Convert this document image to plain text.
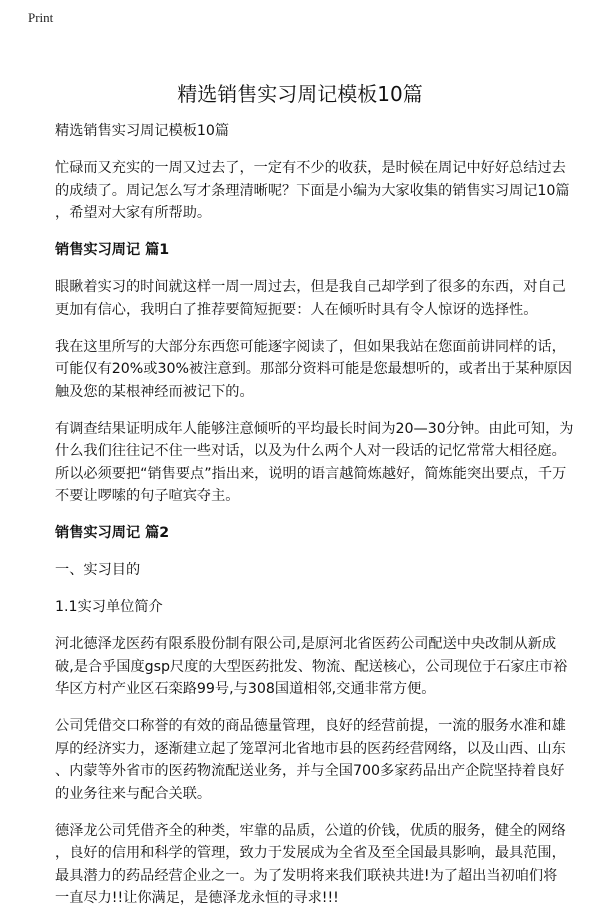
Print
精选销售实习周记模板10篇
精选销售实习周记模板10篇
忙碌而又充实的一周又过去了，一定有不少的收获，是时候在周记中好好总结过去
的成绩了。周记怎么写才条理清晰呢？下面是小编为大家收集的销售实习周记10篇
，希望对大家有所帮助。
销售实习周记 篇1
眼瞅着实习的时间就这样一周一周过去，但是我自己却学到了很多的东西，对自己
更加有信心，我明白了推荐要简短扼要：人在倾听时具有令人惊讶的选择性。
我在这里所写的大部分东西您可能逐字阅读了，但如果我站在您面前讲同样的话，
可能仅有20%或30%被注意到。那部分资料可能是您最想听的，或者出于某种原因
触及您的某根神经而被记下的。
有调查结果证明成年人能够注意倾听的平均最长时间为20—30分钟。由此可知，为
什么我们往往记不住一些对话，以及为什么两个人对一段话的记忆常常大相径庭。
所以必须要把“销售要点”指出来，说明的语言越简炼越好，简炼能突出要点，千万
不要让啰嗦的句子喧宾夺主。
销售实习周记 篇2
一、实习目的
1.1实习单位简介
河北德泽龙医药有限系股份制有限公司,是原河北省医药公司配送中央改制从新成
破,是合乎国度gsp尺度的大型医药批发、物流、配送核心，公司现位于石家庄市裕
华区方村产业区石栾路99号,与308国道相邻,交通非常方便。
公司凭借交口称誉的有效的商品德量管理，良好的经营前提，一流的服务水准和雄
厚的经济实力，逐渐建立起了笼罩河北省地市县的医药经营网络，以及山西、山东
、内蒙等外省市的医药物流配送业务，并与全国700多家药品出产企院坚持着良好
的业务往来与配合关联。
德泽龙公司凭借齐全的种类，牢靠的品质，公道的价钱，优质的服务，健全的网络
，良好的信用和科学的管理，致力于发展成为全省及至全国最具影响，最具范围，
最具潜力的药品经营企业之一。为了发明将来我们联袂共进!为了超出当初咱们将
一直尽力!!让你满足，是德泽龙永恒的寻求!!!
